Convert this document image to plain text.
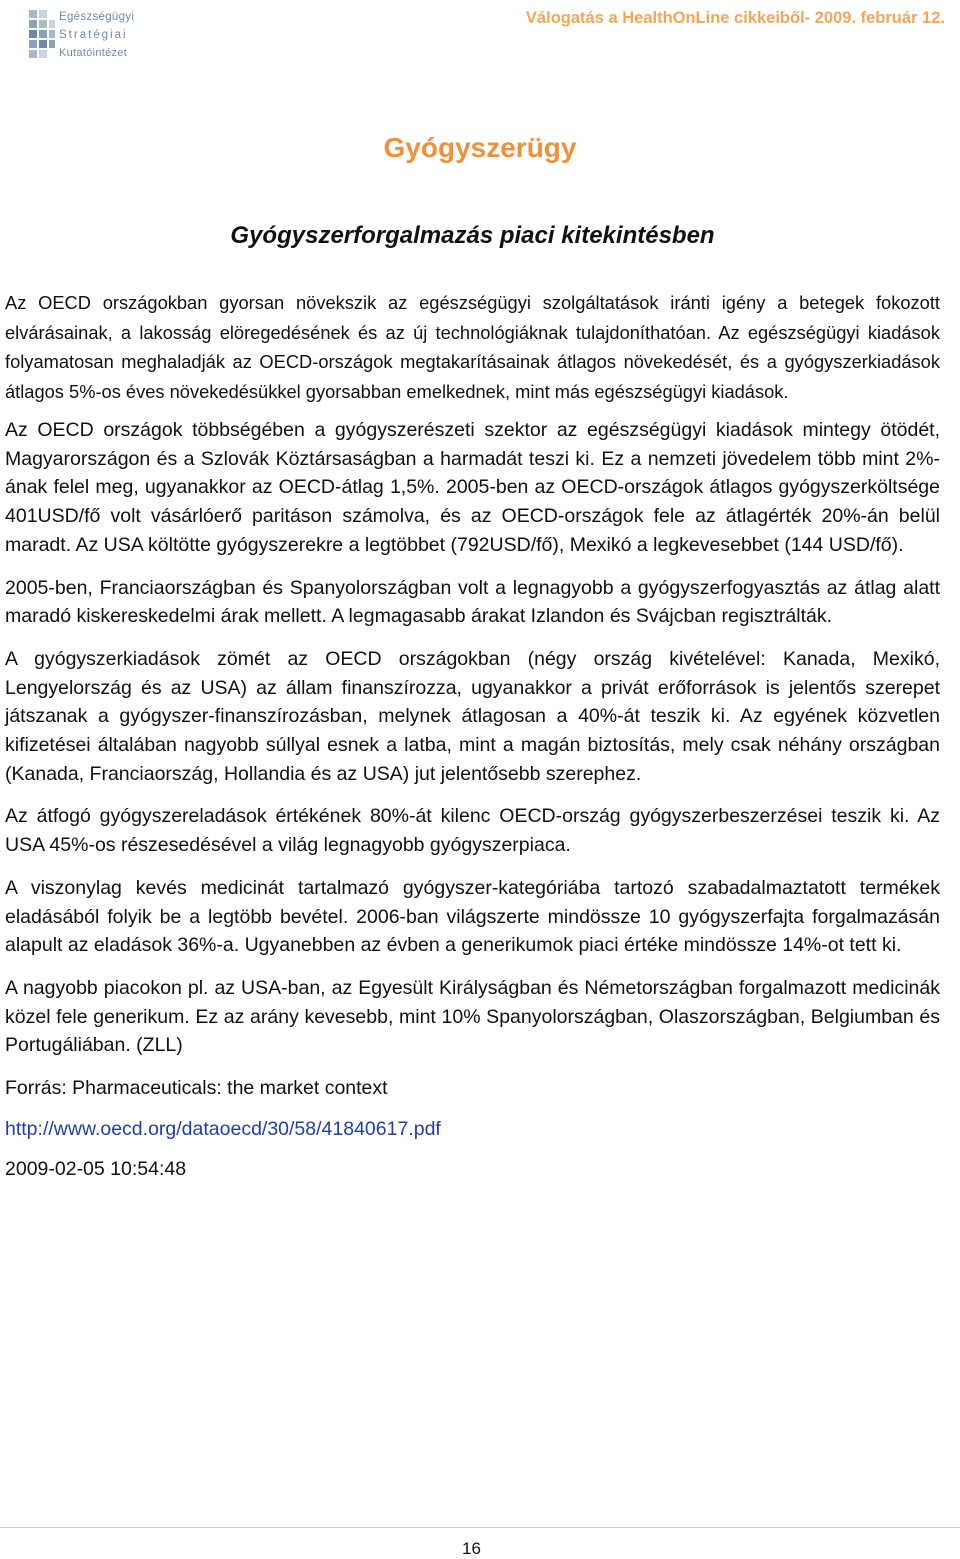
Egészségügyi
Stratégiai
Kutatóintézet
Válogatás a HealthOnLine cikkeiből- 2009. február 12.
Gyógyszerügy
Gyógyszerforgalmazás piaci kitekintésben

Az OECD országokban gyorsan növekszik az egészségügyi szolgáltatások iránti igény a betegek fokozott elvárásainak, a lakosság elöregedésének és az új technológiáknak tulajdoníthatóan. Az egészségügyi kiadások folyamatosan meghaladják az OECD-országok megtakarításainak átlagos növekedését, és a gyógyszerkiadások átlagos 5%-os éves növekedésükkel gyorsabban emelkednek, mint más egészségügyi kiadások.

Az OECD országok többségében a gyógyszerészeti szektor az egészségügyi kiadások mintegy ötödét, Magyarországon és a Szlovák Köztársaságban a harmadát teszi ki. Ez a nemzeti jövedelem több mint 2%-ának felel meg, ugyanakkor az OECD-átlag 1,5%. 2005-ben az OECD-országok átlagos gyógyszerköltsége 401USD/fő volt vásárlóerő paritáson számolva, és az OECD-országok fele az átlagérték 20%-án belül maradt. Az USA költötte gyógyszerekre a legtöbbet (792USD/fő), Mexikó a legkevesebbet (144 USD/fő).

2005-ben, Franciaországban és Spanyolországban volt a legnagyobb a gyógyszerfogyasztás az átlag alatt maradó kiskereskedelmi árak mellett. A legmagasabb árakat Izlandon és Svájcban regisztrálták.

A gyógyszerkiadások zömét az OECD országokban (négy ország kivételével: Kanada, Mexikó, Lengyelország és az USA) az állam finanszírozza, ugyanakkor a privát erőforrások is jelentős szerepet játszanak a gyógyszer-finanszírozásban, melynek átlagosan a 40%-át teszik ki. Az egyének közvetlen kifizetései általában nagyobb súllyal esnek a latba, mint a magán biztosítás, mely csak néhány országban (Kanada, Franciaország, Hollandia és az USA) jut jelentősebb szerephez.

Az átfogó gyógyszereladások értékének 80%-át kilenc OECD-ország gyógyszerbeszerzései teszik ki. Az USA 45%-os részesedésével a világ legnagyobb gyógyszerpiaca.

A viszonylag kevés medicinát tartalmazó gyógyszer-kategóriába tartozó szabadalmaztatott termékek eladásából folyik be a legtöbb bevétel. 2006-ban világszerte mindössze 10 gyógyszerfajta forgalmazásán alapult az eladások 36%-a. Ugyanebben az évben a generikumok piaci értéke mindössze 14%-ot tett ki.

A nagyobb piacokon pl. az USA-ban, az Egyesült Királyságban és Németországban forgalmazott medicinák közel fele generikum. Ez az arány kevesebb, mint 10% Spanyolországban, Olaszországban, Belgiumban és Portugáliában. (ZLL)

Forrás: Pharmaceuticals: the market context

http://www.oecd.org/dataoecd/30/58/41840617.pdf

2009-02-05 10:54:48

16
